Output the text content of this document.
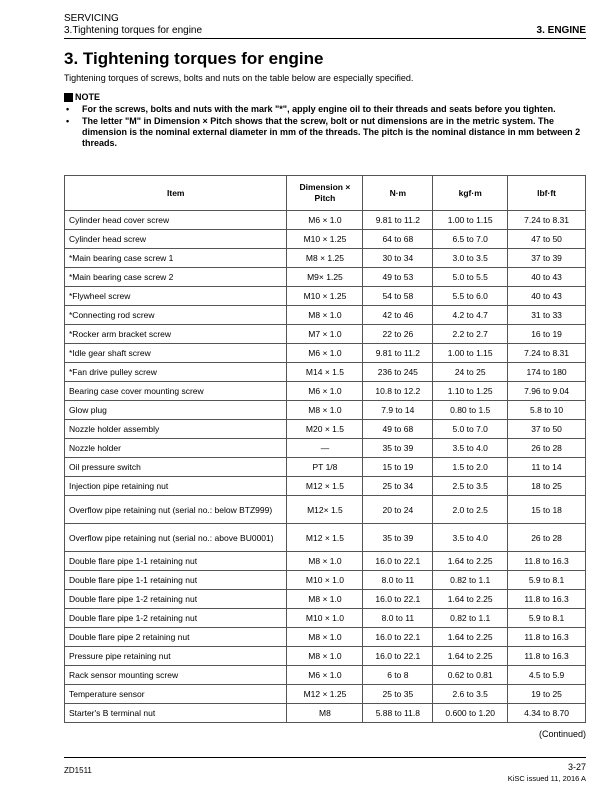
SERVICING
3.Tightening torques for engine	3. ENGINE
3. Tightening torques for engine
Tightening torques of screws, bolts and nuts on the table below are especially specified.
NOTE
• For the screws, bolts and nuts with the mark "*", apply engine oil to their threads and seats before you tighten.
• The letter "M" in Dimension × Pitch shows that the screw, bolt or nut dimensions are in the metric system. The dimension is the nominal external diameter in mm of the threads. The pitch is the nominal distance in mm between 2 threads.
Item	Dimension × Pitch	N·m	kgf·m	lbf·ft
Cylinder head cover screw	M6 × 1.0	9.81 to 11.2	1.00 to 1.15	7.24 to 8.31
Cylinder head screw	M10 × 1.25	64 to 68	6.5 to 7.0	47 to 50
*Main bearing case screw 1	M8 × 1.25	30 to 34	3.0 to 3.5	37 to 39
*Main bearing case screw 2	M9× 1.25	49 to 53	5.0 to 5.5	40 to 43
*Flywheel screw	M10 × 1.25	54 to 58	5.5 to 6.0	40 to 43
*Connecting rod screw	M8 × 1.0	42 to 46	4.2 to 4.7	31 to 33
*Rocker arm bracket screw	M7 × 1.0	22 to 26	2.2 to 2.7	16 to 19
*Idle gear shaft screw	M6 × 1.0	9.81 to 11.2	1.00 to 1.15	7.24 to 8.31
*Fan drive pulley screw	M14 × 1.5	236 to 245	24 to 25	174 to 180
Bearing case cover mounting screw	M6 × 1.0	10.8 to 12.2	1.10 to 1.25	7.96 to 9.04
Glow plug	M8 × 1.0	7.9 to 14	0.80 to 1.5	5.8 to 10
Nozzle holder assembly	M20 × 1.5	49 to 68	5.0 to 7.0	37 to 50
Nozzle holder	—	35 to 39	3.5 to 4.0	26 to 28
Oil pressure switch	PT 1/8	15 to 19	1.5 to 2.0	11 to 14
Injection pipe retaining nut	M12 × 1.5	25 to 34	2.5 to 3.5	18 to 25
Overflow pipe retaining nut (serial no.: below BTZ999)	M12× 1.5	20 to 24	2.0 to 2.5	15 to 18
Overflow pipe retaining nut (serial no.: above BU0001)	M12 × 1.5	35 to 39	3.5 to 4.0	26 to 28
Double flare pipe 1-1 retaining nut	M8 × 1.0	16.0 to 22.1	1.64 to 2.25	11.8 to 16.3
Double flare pipe 1-1 retaining nut	M10 × 1.0	8.0 to 11	0.82 to 1.1	5.9 to 8.1
Double flare pipe 1-2 retaining nut	M8 × 1.0	16.0 to 22.1	1.64 to 2.25	11.8 to 16.3
Double flare pipe 1-2 retaining nut	M10 × 1.0	8.0 to 11	0.82 to 1.1	5.9 to 8.1
Double flare pipe 2 retaining nut	M8 × 1.0	16.0 to 22.1	1.64 to 2.25	11.8 to 16.3
Pressure pipe retaining nut	M8 × 1.0	16.0 to 22.1	1.64 to 2.25	11.8 to 16.3
Rack sensor mounting screw	M6 × 1.0	6 to 8	0.62 to 0.81	4.5 to 5.9
Temperature sensor	M12 × 1.25	25 to 35	2.6 to 3.5	19 to 25
Starter's B terminal nut	M8	5.88 to 11.8	0.600 to 1.20	4.34 to 8.70
(Continued)
ZD1511	3-27
KiSC issued 11, 2016 A
